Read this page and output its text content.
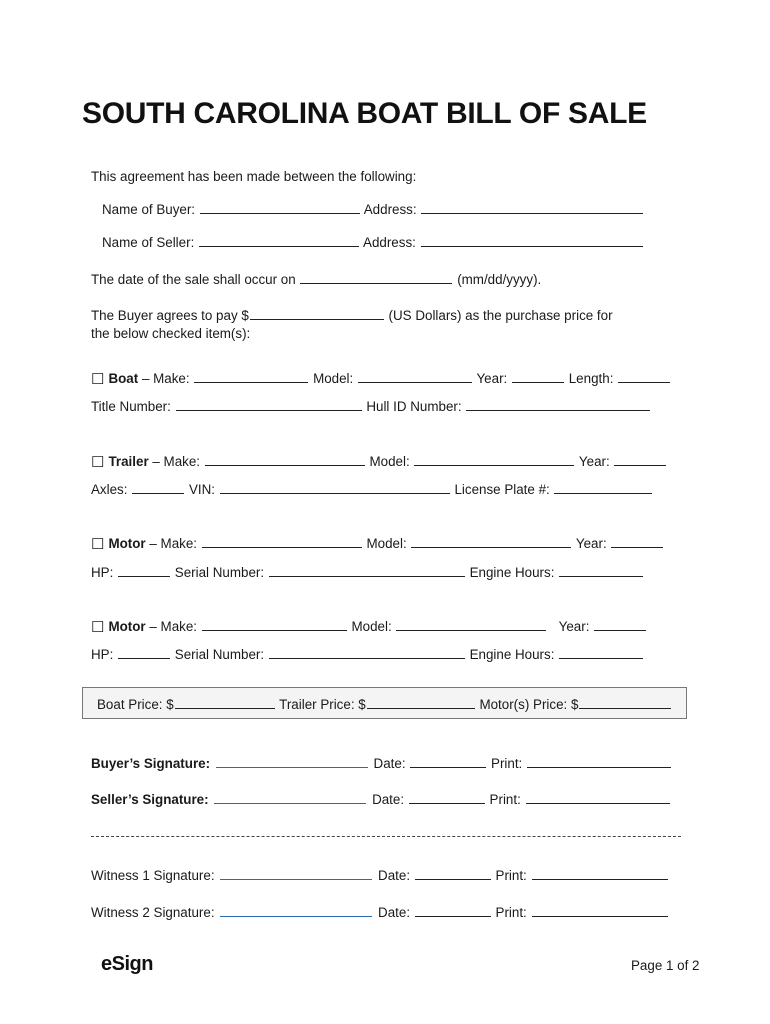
SOUTH CAROLINA BOAT BILL OF SALE
This agreement has been made between the following:
Name of Buyer:	Address:
Name of Seller:	Address:
The date of the sale shall occur on	(mm/dd/yyyy).
The Buyer agrees to pay $	(US Dollars) as the purchase price for
the below checked item(s):
☐ Boat – Make:	Model:	Year:	Length:
Title Number:	Hull ID Number:
☐ Trailer – Make:	Model:	Year:
Axles:	VIN:	License Plate #:
☐ Motor – Make:	Model:	Year:
HP:	Serial Number:	Engine Hours:
☐ Motor – Make:	Model:	Year:
HP:	Serial Number:	Engine Hours:
Boat Price: $	Trailer Price: $	Motor(s) Price: $
Buyer’s Signature:	Date:	Print:
Seller’s Signature:	Date:	Print:
Witness 1 Signature:	Date:	Print:
Witness 2 Signature:	Date:	Print:
eSign	Page 1 of 2
